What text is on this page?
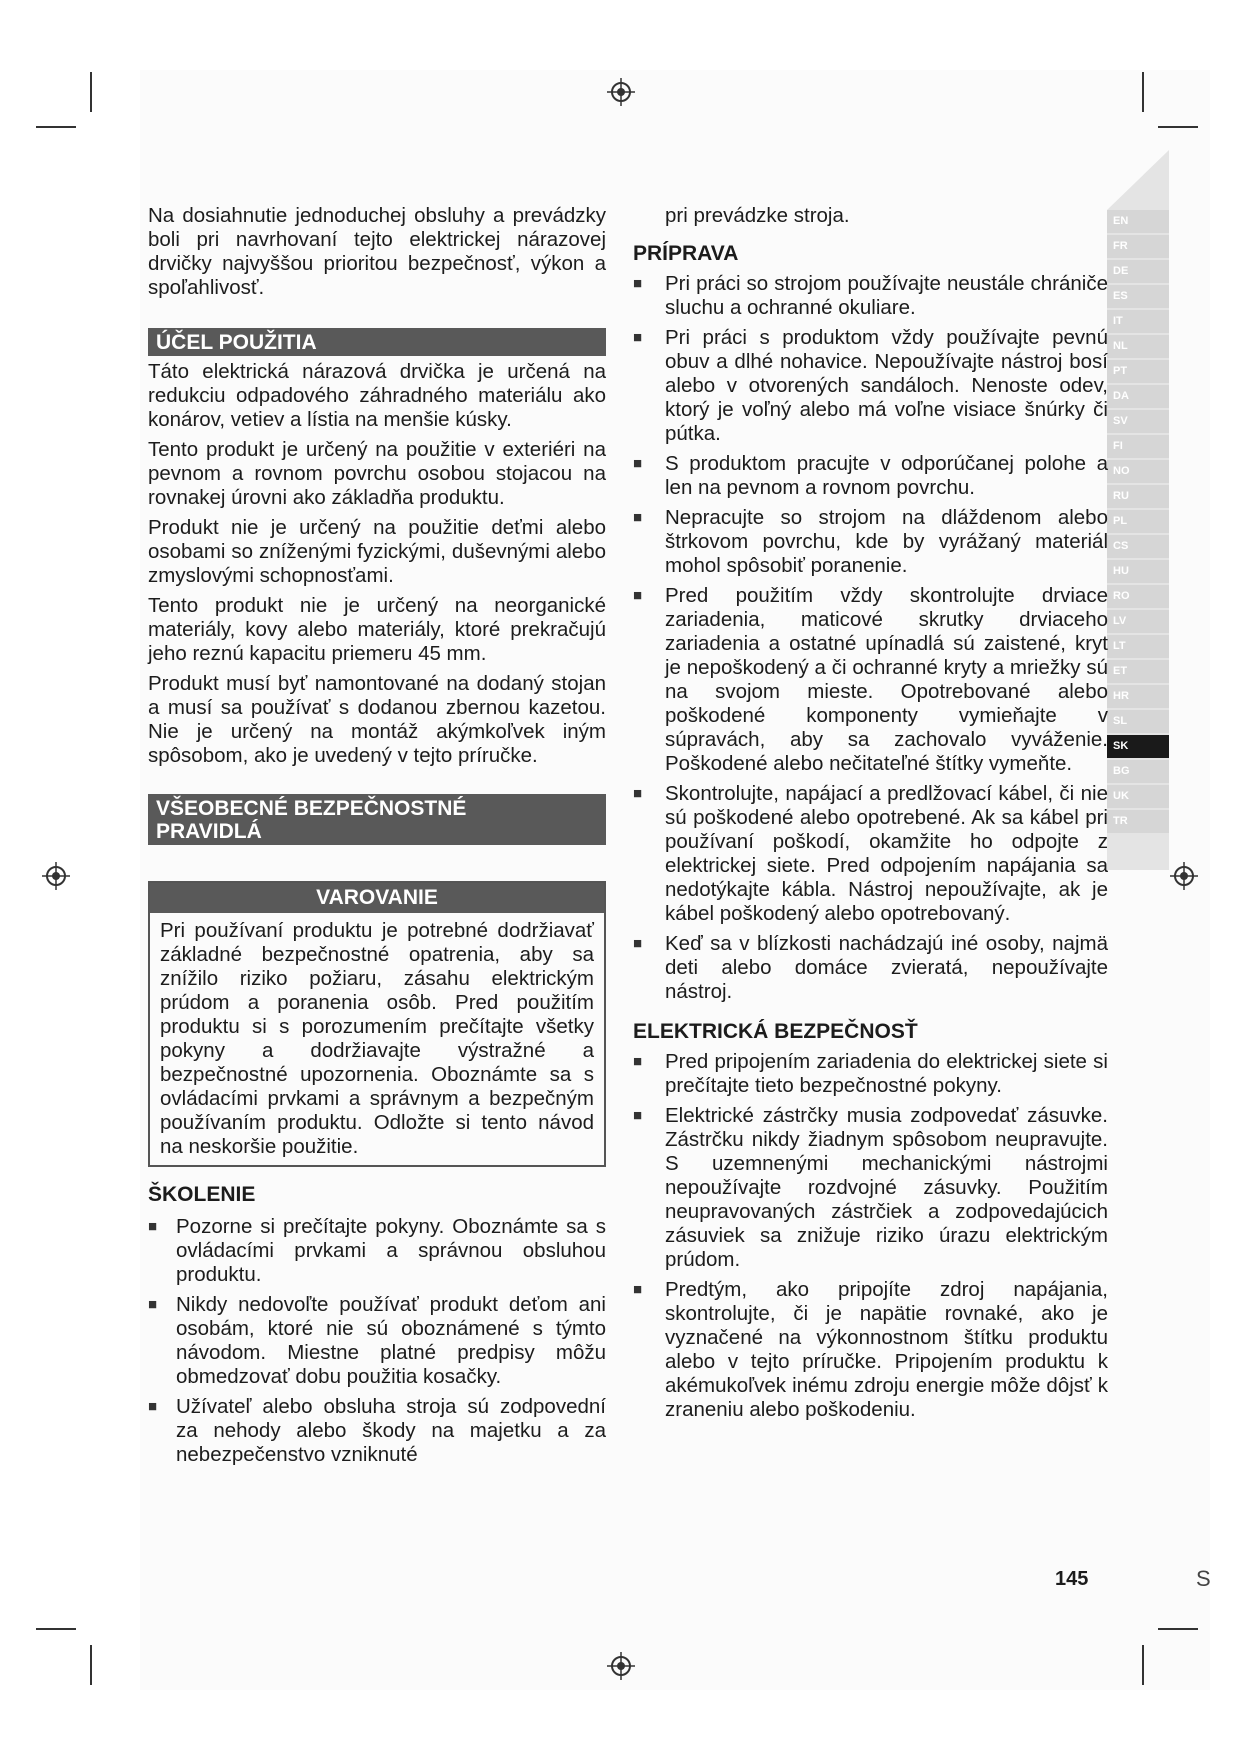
EN
FR
DE
ES
IT
NL
PT
DA
SV
FI
NO
RU
PL
CS
HU
RO
LV
LT
ET
HR
SL
SK
BG
UK
TR

Na dosiahnutie jednoduchej obsluhy a prevádzky boli pri navrhovaní tejto elektrickej nárazovej drvičky najvyššou prioritou bezpečnosť, výkon a spoľahlivosť.

ÚČEL POUŽITIA

Táto elektrická nárazová drvička je určená na redukciu odpadového záhradného materiálu ako konárov, vetiev a lístia na menšie kúsky.

Tento produkt je určený na použitie v exteriéri na pevnom a rovnom povrchu osobou stojacou na rovnakej úrovni ako základňa produktu.

Produkt nie je určený na použitie deťmi alebo osobami so zníženými fyzickými, duševnými alebo zmyslovými schopnosťami.

Tento produkt nie je určený na neorganické materiály, kovy alebo materiály, ktoré prekračujú jeho reznú kapacitu priemeru 45 mm.

Produkt musí byť namontované na dodaný stojan a musí sa používať s dodanou zbernou kazetou. Nie je určený na montáž akýmkoľvek iným spôsobom, ako je uvedený v tejto príručke.

VŠEOBECNÉ BEZPEČNOSTNÉ
PRAVIDLÁ
VAROVANIE
Pri používaní produktu je potrebné dodržiavať základné bezpečnostné opatrenia, aby sa znížilo riziko požiaru, zásahu elektrickým prúdom a poranenia osôb. Pred použitím produktu si s porozumením prečítajte všetky pokyny a dodržiavajte výstražné a bezpečnostné upozornenia. Oboznámte sa s ovládacími prvkami a správnym a bezpečným používaním produktu. Odložte si tento návod na neskoršie použitie.

ŠKOLENIE

■ Pozorne si prečítajte pokyny. Oboznámte sa s ovládacími prvkami a správnou obsluhou produktu.
■ Nikdy nedovoľte používať produkt deťom ani osobám, ktoré nie sú oboznámené s týmto návodom. Miestne platné predpisy môžu obmedzovať dobu použitia kosačky.
■ Užívateľ alebo obsluha stroja sú zodpovední za nehody alebo škody na majetku a za nebezpečenstvo vzniknuté

pri prevádzke stroja.

PRÍPRAVA

■ Pri práci so strojom používajte neustále chrániče sluchu a ochranné okuliare.
■ Pri práci s produktom vždy používajte pevnú obuv a dlhé nohavice. Nepoužívajte nástroj bosí alebo v otvorených sandáloch. Nenoste odev, ktorý je voľný alebo má voľne visiace šnúrky či pútka.
■ S produktom pracujte v odporúčanej polohe a len na pevnom a rovnom povrchu.
■ Nepracujte so strojom na dláždenom alebo štrkovom povrchu, kde by vyrážaný materiál mohol spôsobiť poranenie.
■ Pred použitím vždy skontrolujte drviace zariadenia, maticové skrutky drviaceho zariadenia a ostatné upínadlá sú zaistené, kryt je nepoškodený a či ochranné kryty a mriežky sú na svojom mieste. Opotrebované alebo poškodené komponenty vymieňajte v súpravách, aby sa zachovalo vyváženie. Poškodené alebo nečitateľné štítky vymeňte.
■ Skontrolujte, napájací a predlžovací kábel, či nie sú poškodené alebo opotrebené. Ak sa kábel pri používaní poškodí, okamžite ho odpojte z elektrickej siete. Pred odpojením napájania sa nedotýkajte kábla. Nástroj nepoužívajte, ak je kábel poškodený alebo opotrebovaný.
■ Keď sa v blízkosti nachádzajú iné osoby, najmä deti alebo domáce zvieratá, nepoužívajte nástroj.

ELEKTRICKÁ BEZPEČNOSŤ

■ Pred pripojením zariadenia do elektrickej siete si prečítajte tieto bezpečnostné pokyny.
■ Elektrické zástrčky musia zodpovedať zásuvke. Zástrčku nikdy žiadnym spôsobom neupravujte. S uzemnenými mechanickými nástrojmi nepoužívajte rozdvojné zásuvky. Použitím neupravovaných zástrčiek a zodpovedajúcich zásuviek sa znižuje riziko úrazu elektrickým prúdom.
■ Predtým, ako pripojíte zdroj napájania, skontrolujte, či je napätie rovnaké, ako je vyznačené na výkonnostnom štítku produktu alebo v tejto príručke. Pripojením produktu k akémukoľvek inému zdroju energie môže dôjsť k zraneniu alebo poškodeniu.
145	S
